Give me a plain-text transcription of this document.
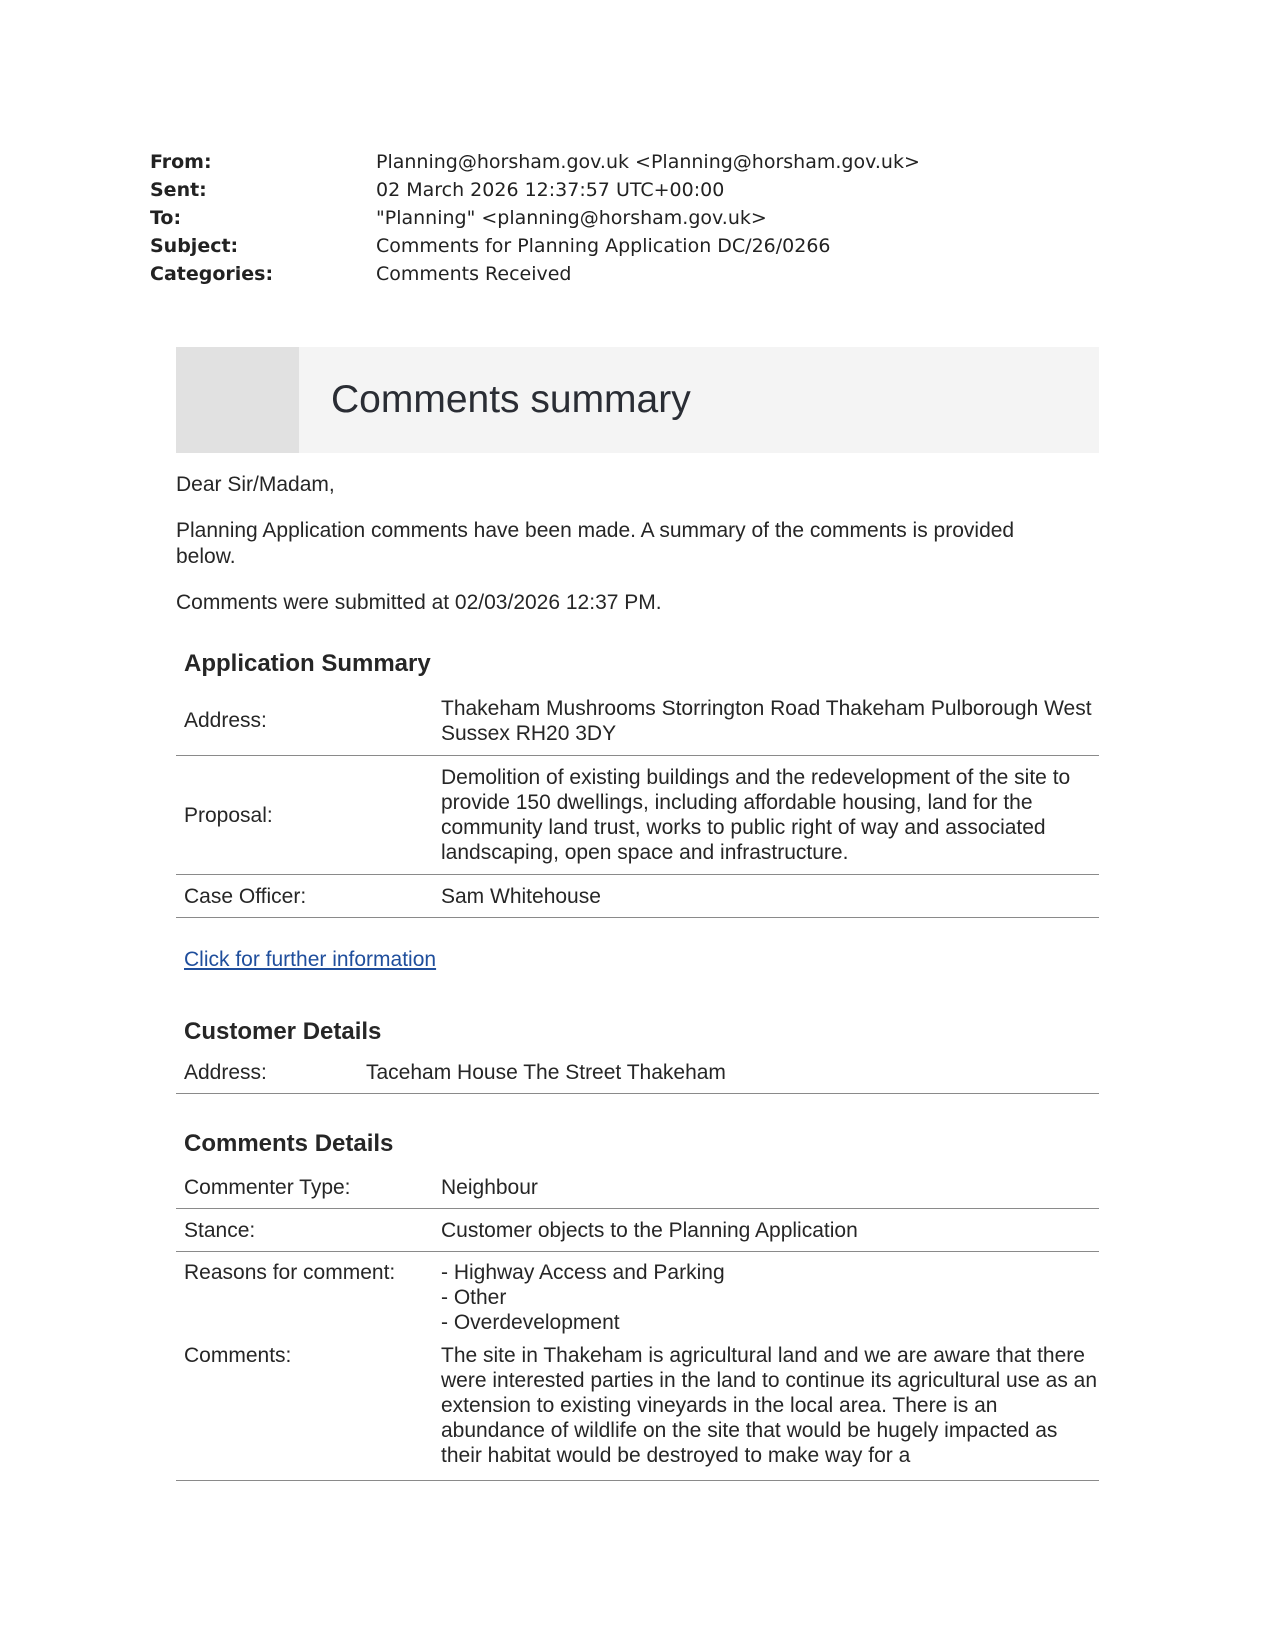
From:	Planning@horsham.gov.uk <Planning@horsham.gov.uk>
Sent:	02 March 2026 12:37:57 UTC+00:00
To:	"Planning" <planning@horsham.gov.uk>
Subject:	Comments for Planning Application DC/26/0266
Categories:	Comments Received
Comments summary

Dear Sir/Madam,

Planning Application comments have been made. A summary of the comments is provided below.

Comments were submitted at 02/03/2026 12:37 PM.

Application Summary
Address:
Thakeham Mushrooms Storrington Road Thakeham Pulborough West Sussex RH20 3DY
Proposal:
Demolition of existing buildings and the redevelopment of the site to provide 150 dwellings, including affordable housing, land for the community land trust, works to public right of way and associated landscaping, open space and infrastructure.
Case Officer:	Sam Whitehouse
Click for further information
Customer Details
Address:	Taceham House The Street Thakeham
Comments Details
Commenter Type:	Neighbour
Stance:	Customer objects to the Planning Application
Reasons for comment:	- Highway Access and Parking
- Other
- Overdevelopment
Comments:	The site in Thakeham is agricultural land and we are aware that there were interested parties in the land to continue its agricultural use as an extension to existing vineyards in the local area. There is an abundance of wildlife on the site that would be hugely impacted as their habitat would be destroyed to make way for a
